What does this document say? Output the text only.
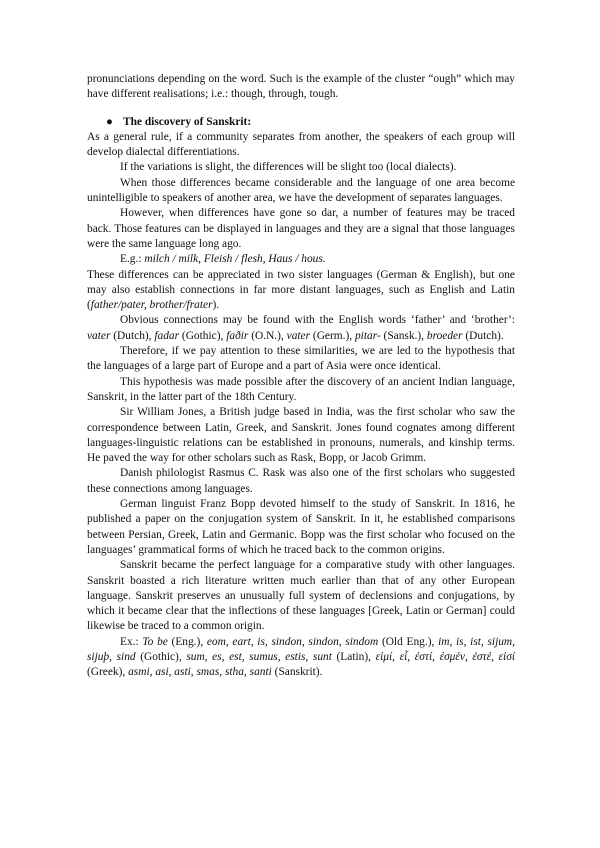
pronunciations depending on the word. Such is the example of the cluster “ough” which may have different realisations; i.e.: though, through, tough.

● The discovery of Sanskrit:

As a general rule, if a community separates from another, the speakers of each group will develop dialectal differentiations.

If the variations is slight, the differences will be slight too (local dialects).

When those differences became considerable and the language of one area become unintelligible to speakers of another area, we have the development of separates languages.

However, when differences have gone so dar, a number of features may be traced back. Those features can be displayed in languages and they are a signal that those languages were the same language long ago.

E.g.: milch / milk, Fleish / flesh, Haus / hous.

These differences can be appreciated in two sister languages (German & English), but one may also establish connections in far more distant languages, such as English and Latin (father/pater, brother/frater).

Obvious connections may be found with the English words ‘father’ and ‘brother’: vater (Dutch), fadar (Gothic), faðir (O.N.), vater (Germ.), pitar- (Sansk.), broeder (Dutch).

Therefore, if we pay attention to these similarities, we are led to the hypothesis that the languages of a large part of Europe and a part of Asia were once identical.

This hypothesis was made possible after the discovery of an ancient Indian language, Sanskrit, in the latter part of the 18th Century.

Sir William Jones, a British judge based in India, was the first scholar who saw the correspondence between Latin, Greek, and Sanskrit. Jones found cognates among different languages-linguistic relations can be established in pronouns, numerals, and kinship terms. He paved the way for other scholars such as Rask, Bopp, or Jacob Grimm.

Danish philologist Rasmus C. Rask was also one of the first scholars who suggested these connections among languages.

German linguist Franz Bopp devoted himself to the study of Sanskrit. In 1816, he published a paper on the conjugation system of Sanskrit. In it, he established comparisons between Persian, Greek, Latin and Germanic. Bopp was the first scholar who focused on the languages’ grammatical forms of which he traced back to the common origins.

Sanskrit became the perfect language for a comparative study with other languages. Sanskrit boasted a rich literature written much earlier than that of any other European language. Sanskrit preserves an unusually full system of declensions and conjugations, by which it became clear that the inflections of these languages [Greek, Latin or German] could likewise be traced to a common origin.

Ex.: To be (Eng.), eom, eart, is, sindon, sindon, sindom (Old Eng.), im, is, ist, sijum, sijuþ, sind (Gothic), sum, es, est, sumus, estis, sunt (Latin), εἰμί, εἶ, ἐστί, ἐσμέν, ἐστέ, εἰσί (Greek), asmi, asi, asti, smas, stha, santi (Sanskrit).
